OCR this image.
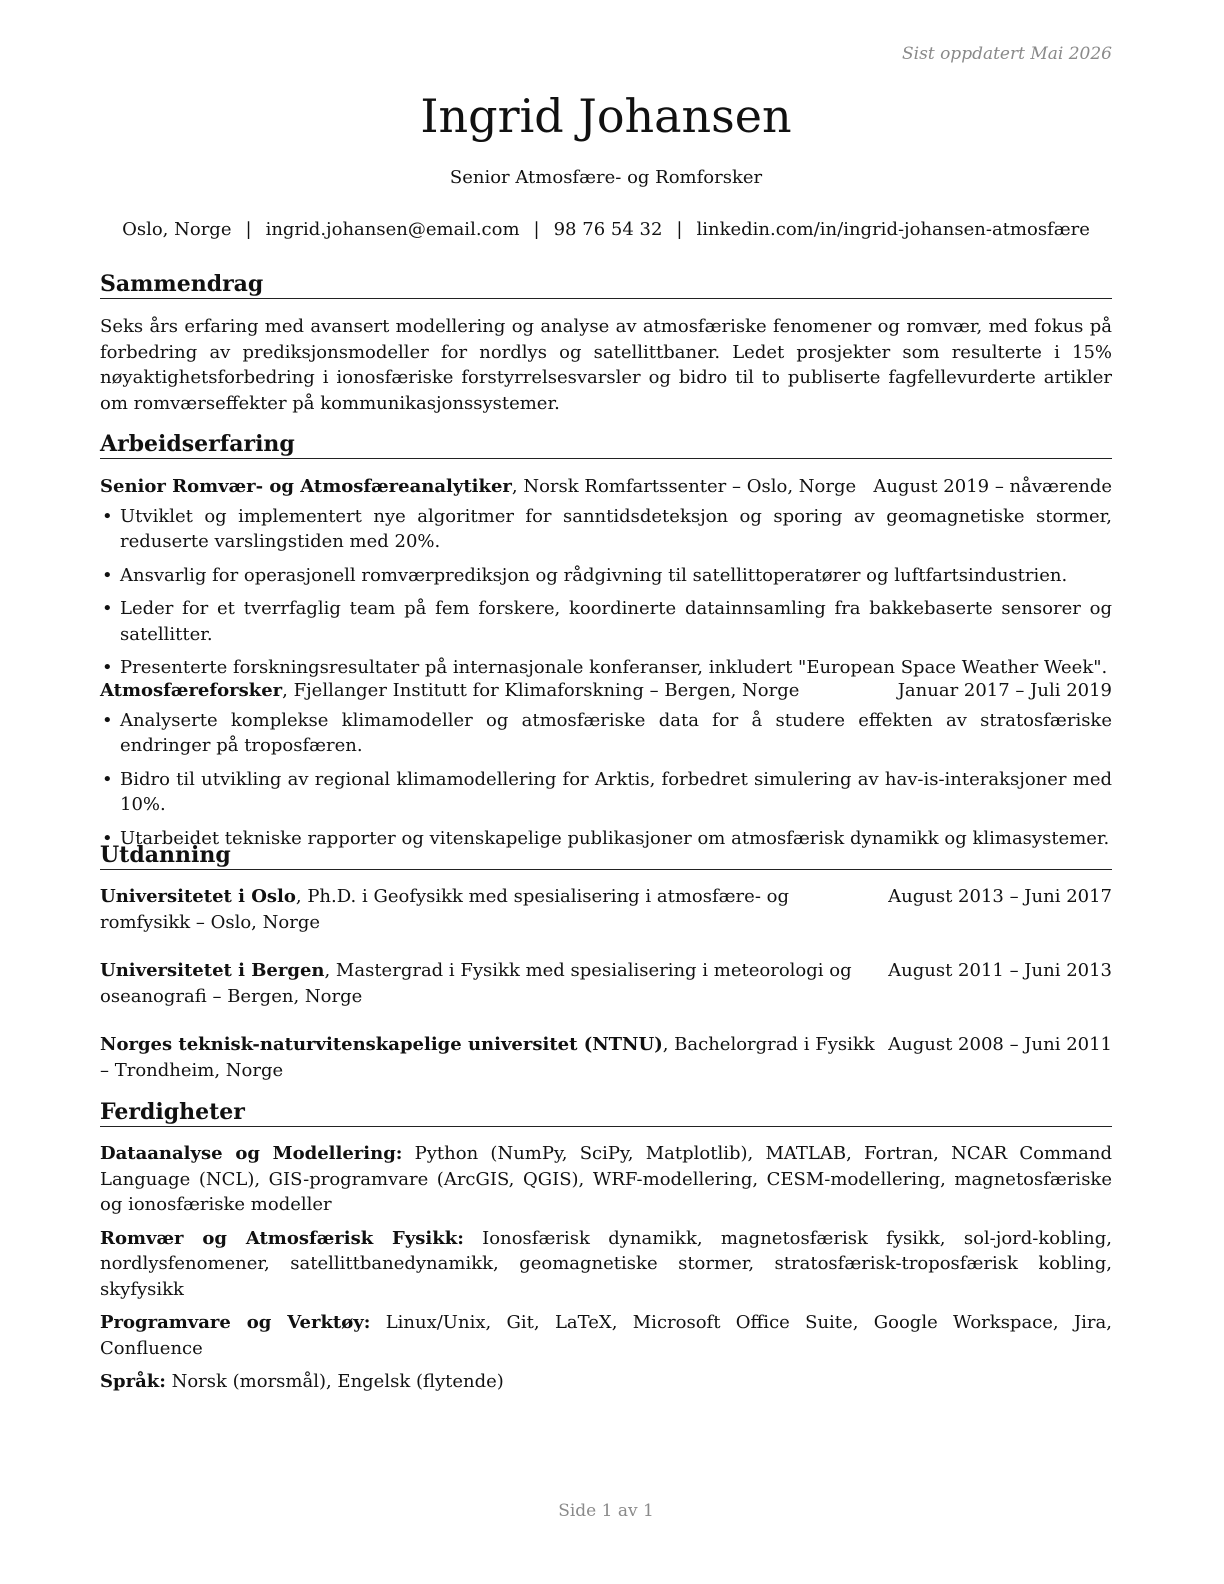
Sist oppdatert Mai 2026
Ingrid Johansen
Senior Atmosfære- og Romforsker
Oslo, Norge | ingrid.johansen@email.com | 98 76 54 32 | linkedin.com/in/ingrid-johansen-atmosfære
Sammendrag
Seks års erfaring med avansert modellering og analyse av atmosfæriske fenomener og romvær, med fokus på forbedring av prediksjonsmodeller for nordlys og satellittbaner. Ledet prosjekter som resulterte i 15% nøyaktighetsforbedring i ionosfæriske forstyrrelsesvarsler og bidro til to publiserte fagfellevurderte artikler om romværseffekter på kommunikasjonssystemer.
Arbeidserfaring
Senior Romvær- og Atmosfæreanalytiker, Norsk Romfartssenter – Oslo, Norge August 2019 – nåværende
• Utviklet og implementert nye algoritmer for sanntidsdeteksjon og sporing av geomagnetiske stormer, reduserte varslingstiden med 20%.
• Ansvarlig for operasjonell romværprediksjon og rådgivning til satellittoperatører og luftfartsindustrien.
• Leder for et tverrfaglig team på fem forskere, koordinerte datainnsamling fra bakkebaserte sensorer og satellitter.
• Presenterte forskningsresultater på internasjonale konferanser, inkludert "European Space Weather Week".
Atmosfæreforsker, Fjellanger Institutt for Klimaforskning – Bergen, Norge	Januar 2017 – Juli 2019
• Analyserte komplekse klimamodeller og atmosfæriske data for å studere effekten av stratosfæriske endringer på troposfæren.
• Bidro til utvikling av regional klimamodellering for Arktis, forbedret simulering av hav-is-interaksjoner med 10%.
• Utarbeidet tekniske rapporter og vitenskapelige publikasjoner om atmosfærisk dynamikk og klimasystemer.
Utdanning
Universitetet i Oslo, Ph.D. i Geofysikk med spesialisering i atmosfære- og romfysikk – Oslo, Norge
August 2013 – Juni 2017
Universitetet i Bergen, Mastergrad i Fysikk med spesialisering i meteorologi og oseanografi – Bergen, Norge
August 2011 – Juni 2013
Norges teknisk-naturvitenskapelige universitet (NTNU), Bachelorgrad i Fysikk – Trondheim, Norge
August 2008 – Juni 2011
Ferdigheter
Dataanalyse og Modellering: Python (NumPy, SciPy, Matplotlib), MATLAB, Fortran, NCAR Command Language (NCL), GIS-programvare (ArcGIS, QGIS), WRF-modellering, CESM-modellering, magnetosfæriske og ionosfæriske modeller
Romvær og Atmosfærisk Fysikk: Ionosfærisk dynamikk, magnetosfærisk fysikk, sol-jord-kobling, nordlysfenomener, satellittbanedynamikk, geomagnetiske stormer, stratosfærisk-troposfærisk kobling, skyfysikk
Programvare og Verktøy: Linux/Unix, Git, LaTeX, Microsoft Office Suite, Google Workspace, Jira, Confluence
Språk: Norsk (morsmål), Engelsk (flytende)
Side 1 av 1
